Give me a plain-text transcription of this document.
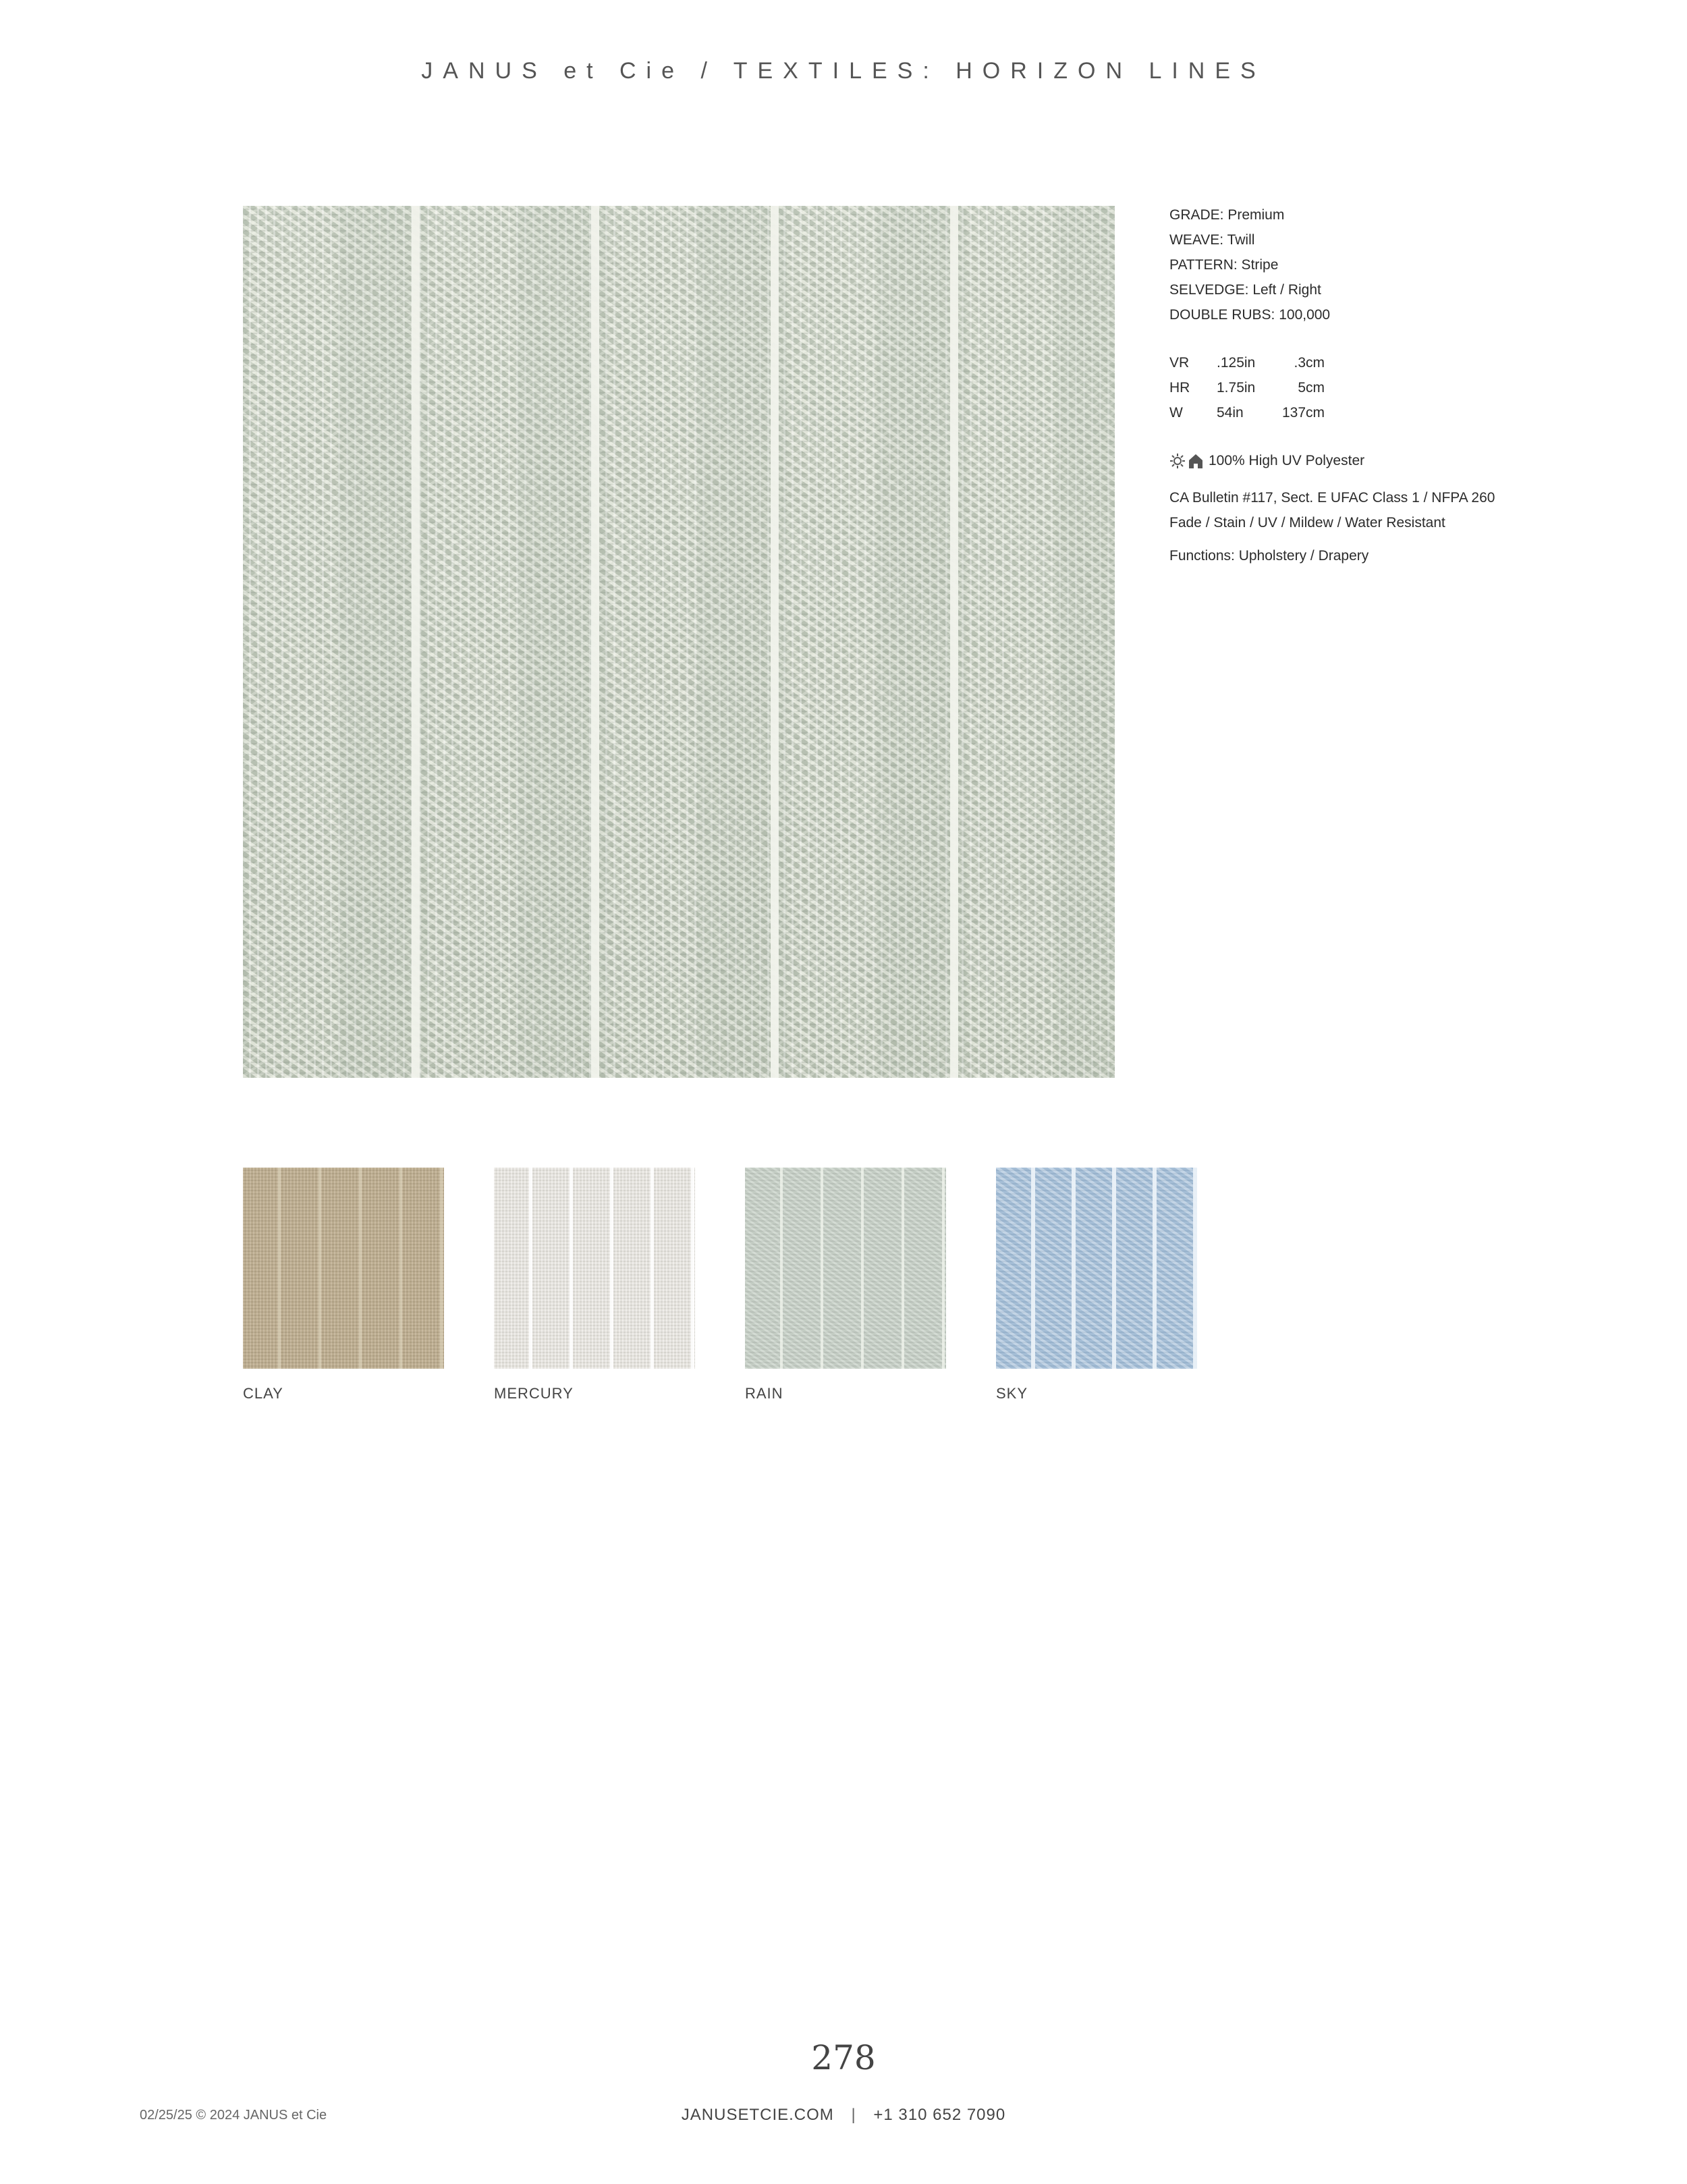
JANUS et Cie / TEXTILES: HORIZON LINES
GRADE: Premium
WEAVE: Twill
PATTERN: Stripe
SELVEDGE: Left / Right
DOUBLE RUBS: 100,000
VR	.125in	.3cm
HR	1.75in	5cm
W	54in	137cm
100% High UV Polyester
CA Bulletin #117, Sect. E UFAC Class 1 / NFPA 260
Fade / Stain / UV / Mildew / Water Resistant
Functions: Upholstery / Drapery
CLAY	MERCURY	RAIN	SKY
278
02/25/25 © 2024 JANUS et Cie	JANUSETCIE.COM | +1 310 652 7090
